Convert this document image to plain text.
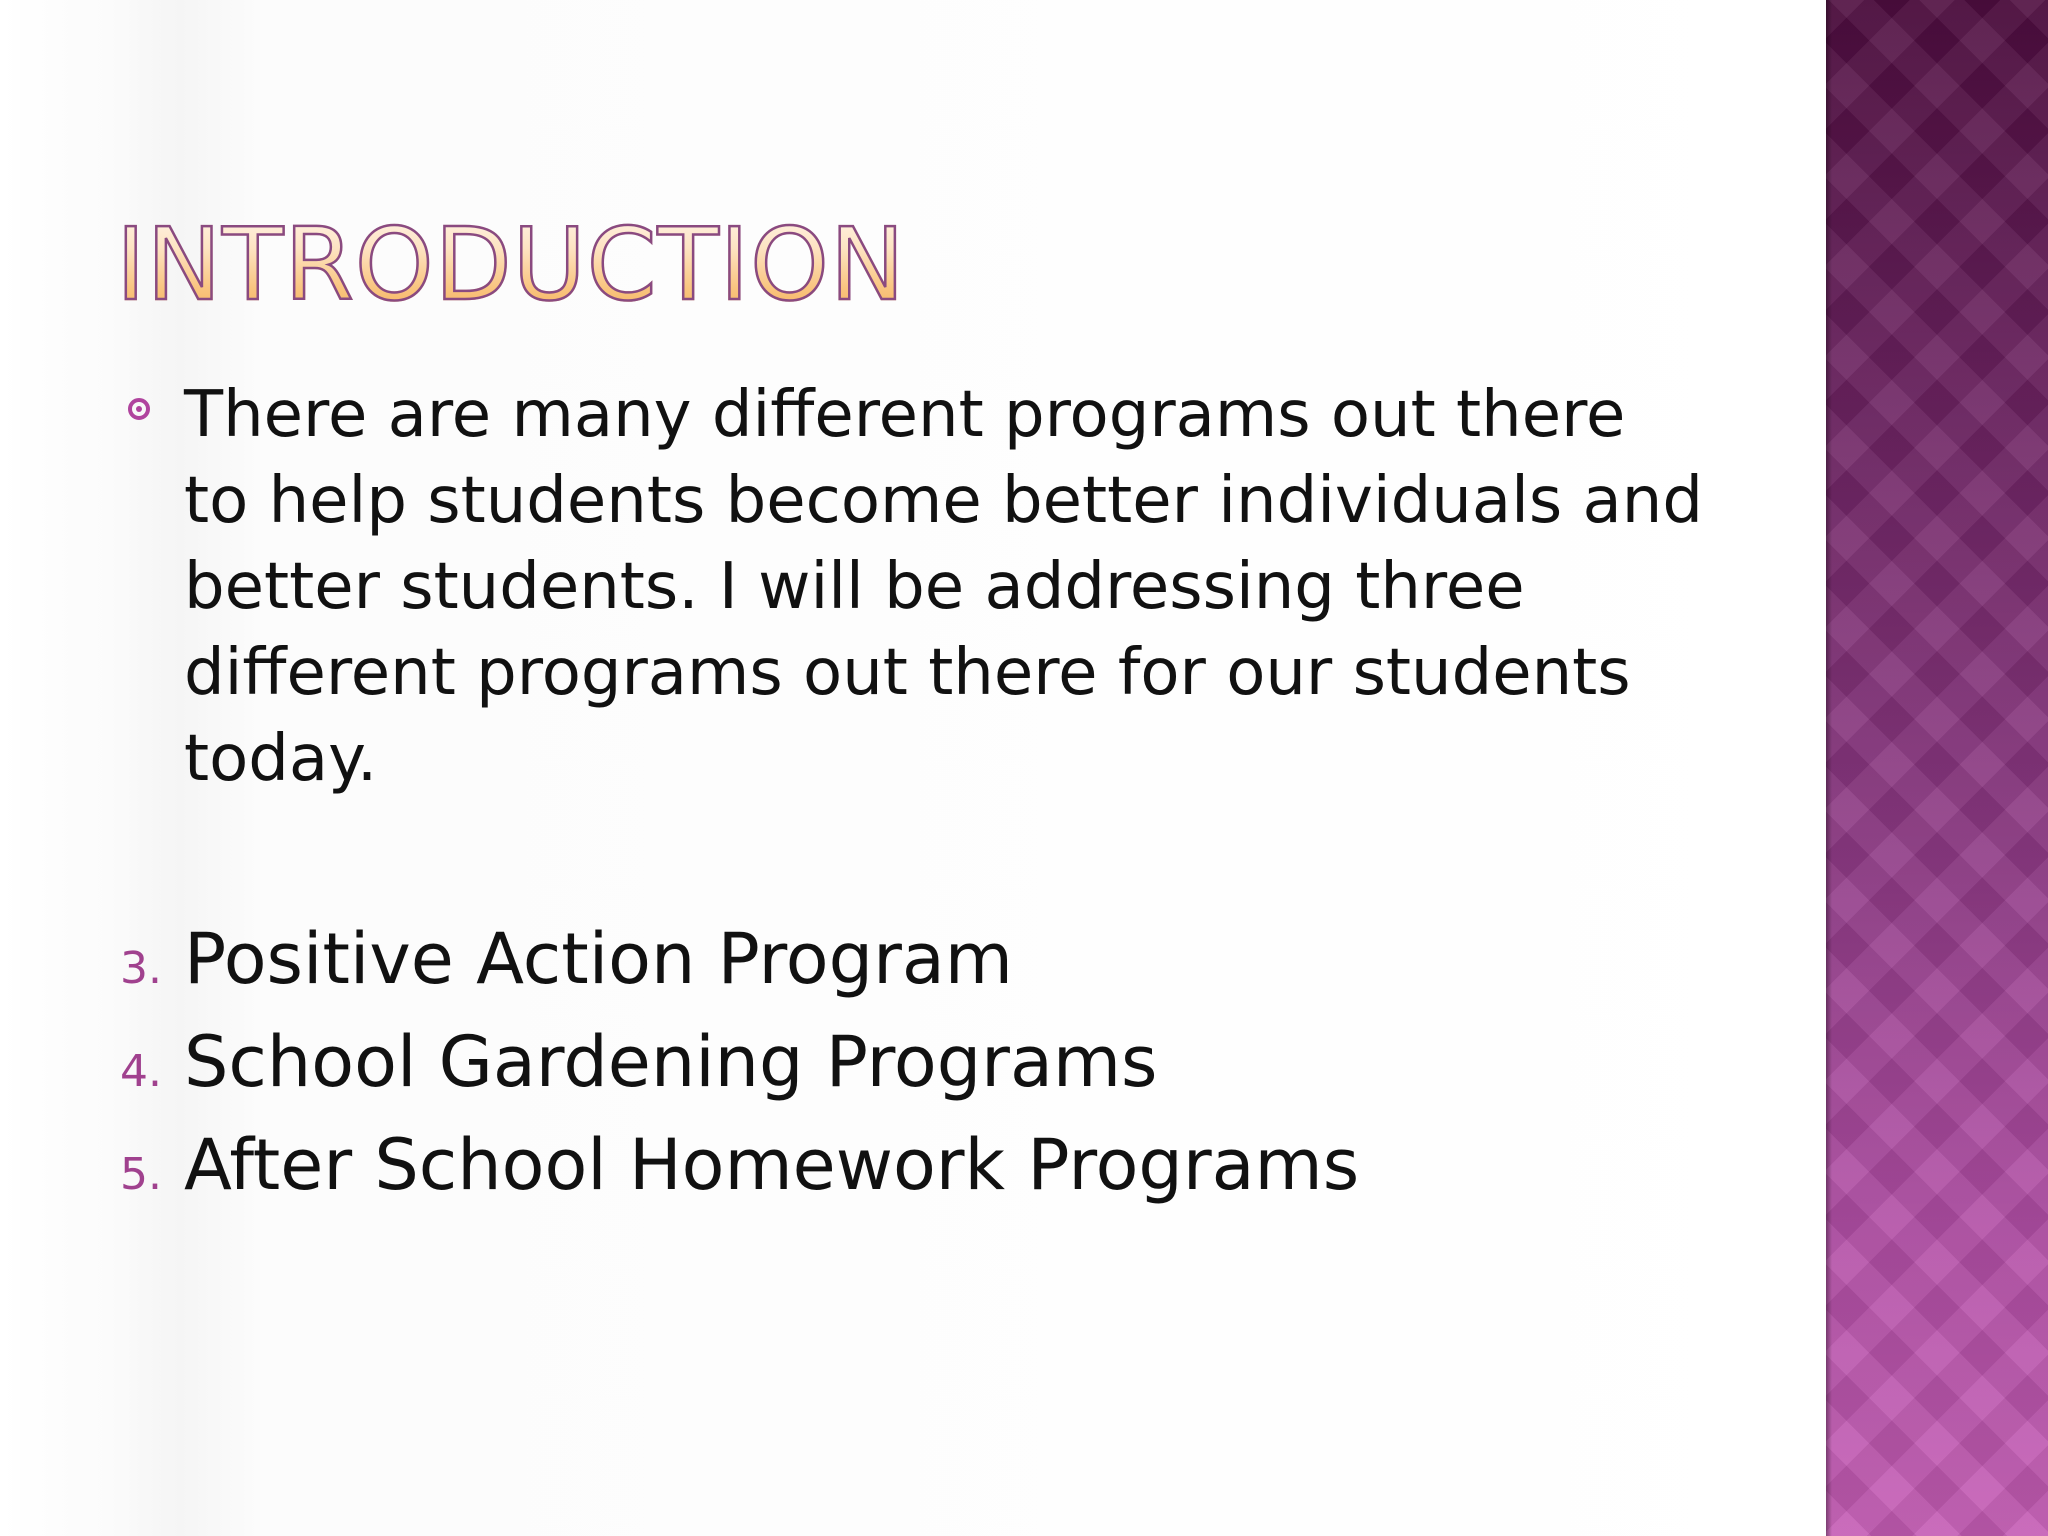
INTRODUCTION

There are many different programs out there to help students become better individuals and better students. I will be addressing three different programs out there for our students today.

3. Positive Action Program
4. School Gardening Programs
5. After School Homework Programs
